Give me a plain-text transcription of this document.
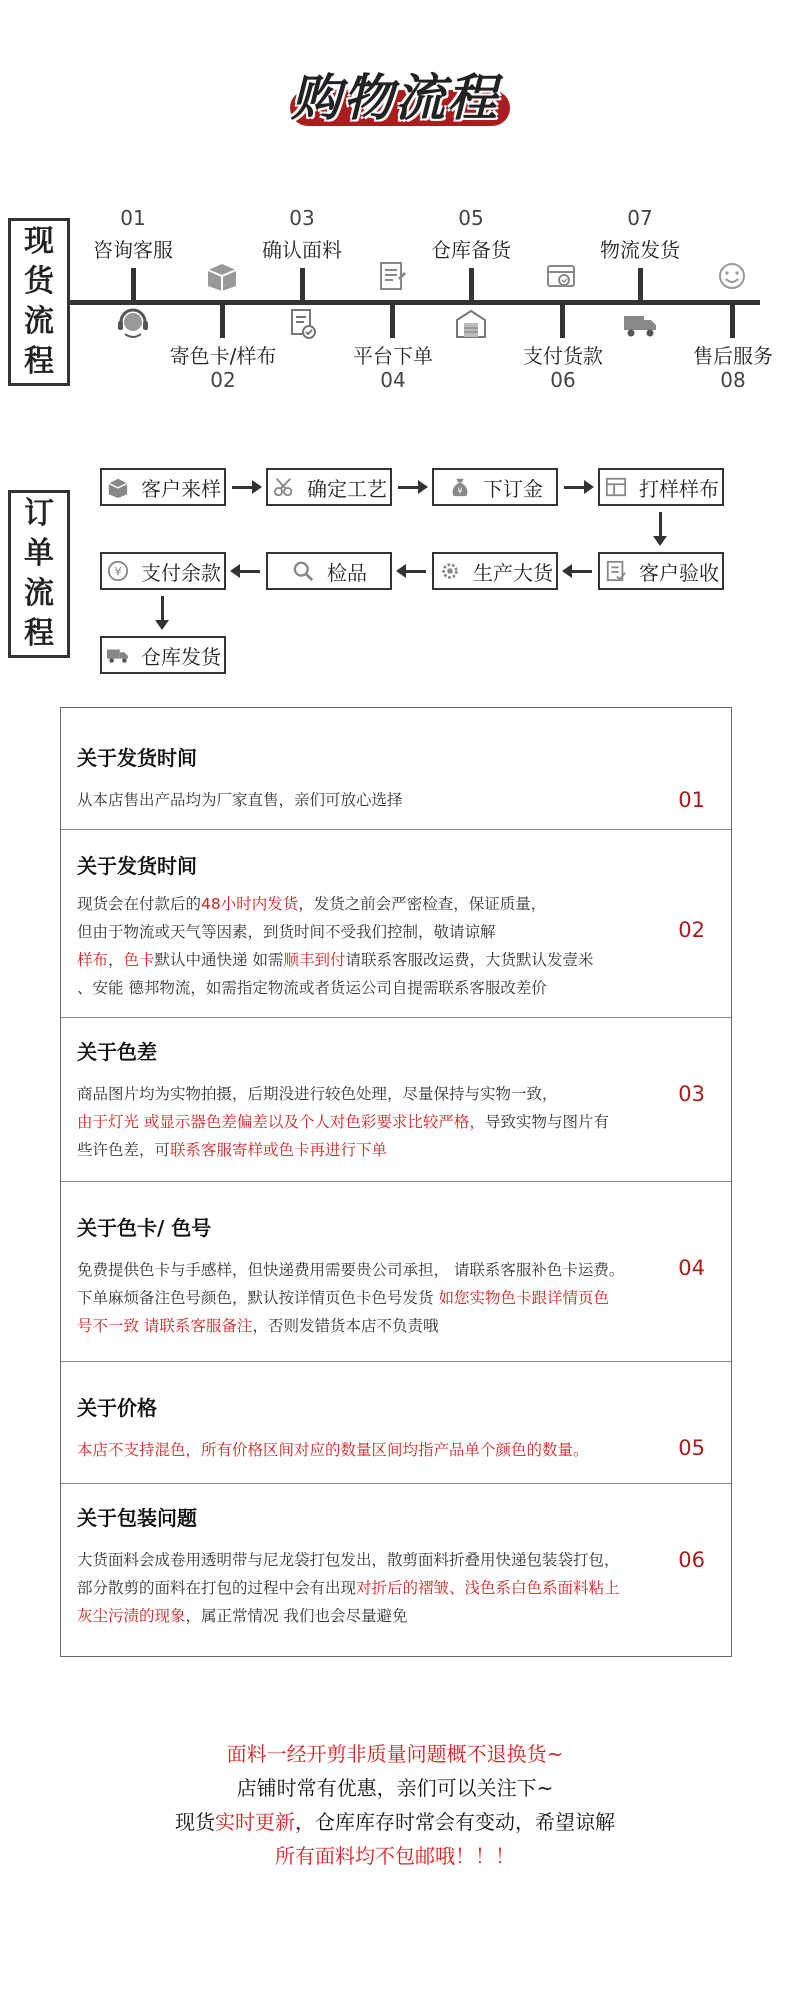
购物流程
现
货
流
程
01
咨询客服
03
确认面料
05
仓库备货
07
物流发货
寄色卡/样布
02
平台下单
04
支付货款
06
售后服务
08
订
单
流
程
客户来样	确定工艺	¥ 下订金	打样样布
客户验收
生产大货
检品
¥ 支付余款
仓库发货
关于发货时间
从本店售出产品均为厂家直售，亲们可放心选择	01
关于发货时间
现货会在付款后的48小时内发货，发货之前会严密检查，保证质量，
但由于物流或天气等因素，到货时间不受我们控制，敬请谅解
样布，色卡默认中通快递 如需顺丰到付请联系客服改运费，大货默认发壹米
、安能 德邦物流，如需指定物流或者货运公司自提需联系客服改差价
02
关于色差
商品图片均为实物拍摄，后期没进行较色处理，尽量保持与实物一致，
由于灯光 或显示器色差偏差以及个人对色彩要求比较严格，导致实物与图片有
些许色差，可联系客服寄样或色卡再进行下单
03
关于色卡/ 色号
免费提供色卡与手感样，但快递费用需要贵公司承担， 请联系客服补色卡运费。
下单麻烦备注色号颜色，默认按详情页色卡色号发货 如您实物色卡跟详情页色
号不一致 请联系客服备注，否则发错货本店不负责哦
04
关于价格
本店不支持混色，所有价格区间对应的数量区间均指产品单个颜色的数量。	05
关于包装问题
大货面料会成卷用透明带与尼龙袋打包发出，散剪面料折叠用快递包装袋打包，
部分散剪的面料在打包的过程中会有出现对折后的褶皱、浅色系白色系面料粘上
灰尘污渍的现象，属正常情况 我们也会尽量避免
06
面料一经开剪非质量问题概不退换货~
店铺时常有优惠，亲们可以关注下~
现货实时更新，仓库库存时常会有变动，希望谅解
所有面料均不包邮哦！！！
